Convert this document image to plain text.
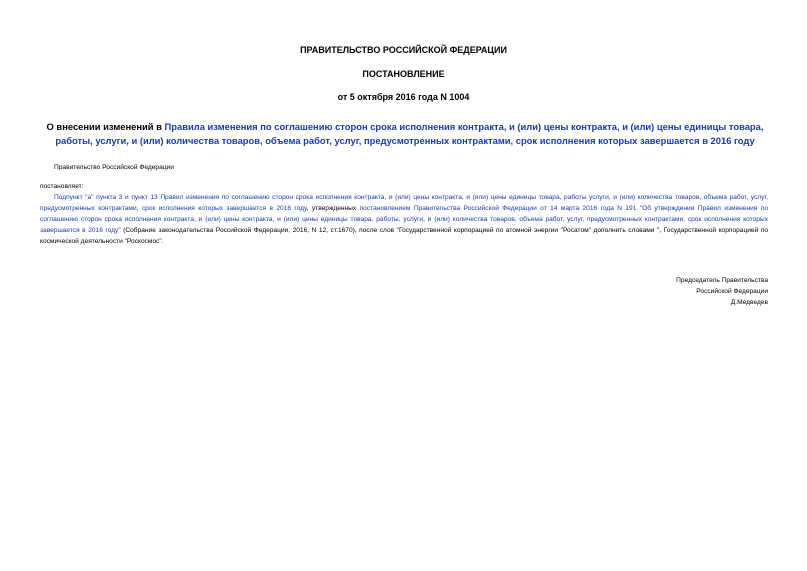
ПРАВИТЕЛЬСТВО РОССИЙСКОЙ ФЕДЕРАЦИИ
ПОСТАНОВЛЕНИЕ
от 5 октября 2016 года N 1004
О внесении изменений в Правила изменения по соглашению сторон срока исполнения контракта, и (или) цены контракта, и (или) цены единицы товара, работы, услуги, и (или) количества товаров, объема работ, услуг, предусмотренных контрактами, срок исполнения которых завершается в 2016 году
Правительство Российской Федерации
постановляет:
Подпункт "а" пункта 3 и пункт 13 Правил изменения по соглашению сторон срока исполнения контракта, и (или) цены контракта, и (или) цены единицы товара, работы услуги, и (или) количества товаров, объема работ, услуг, предусмотренных контрактами, срок исполнения которых завершается в 2016 году, утвержденных постановлением Правительства Российской Федерации от 14 марта 2016 года N 191 "Об утверждении Правил изменения по соглашению сторон срока исполнения контракта, и (или) цены контракта, и (или) цены единицы товара, работы, услуги, и (или) количества товаров, объема работ, услуг, предусмотренных контрактами, срок исполнения которых завершается в 2016 году" (Собрание законодательства Российской Федерации, 2016, N 12, ст.1670), после слов "Государственной корпорацией по атомной энергии "Росатом" дополнить словами ", Государственной корпорацией по космической деятельности "Роскосмос".
Председатель Правительства
Российской Федерации
Д.Медведев
